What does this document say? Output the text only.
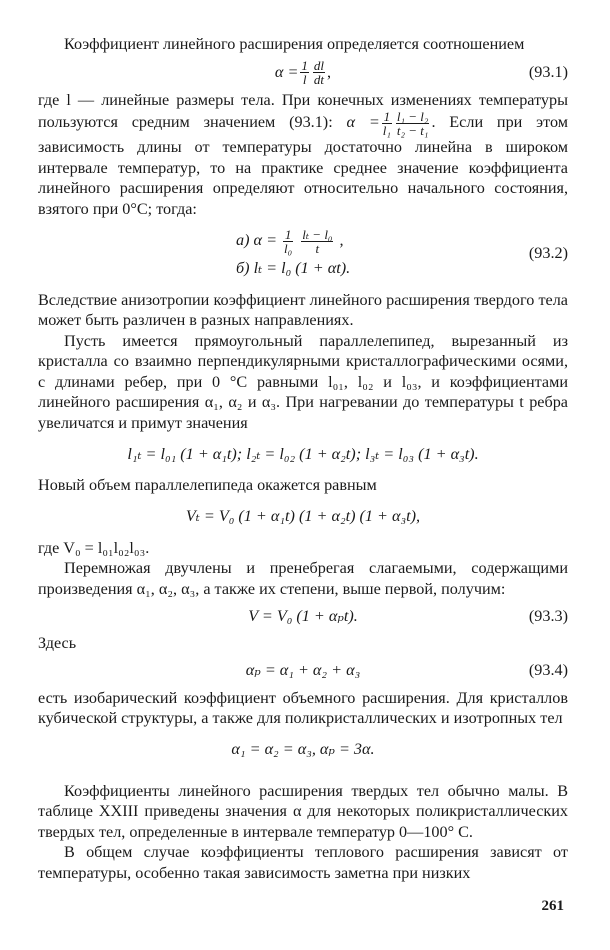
Коэффициент линейного расширения определяется соотношением

$\alpha = \frac{1}{l} \frac{dl}{dt}$ ,	(93.1)

где l — линейные размеры тела. При конечных изменениях температуры пользуются средним значением (93.1): $\alpha = \frac{1}{\text{l₁}} \frac{\text{l₁ − l₂}}{\text{t₂ − t₁}}$ . Если при этом зависимость длины от температуры достаточно линейна в широком интервале температур, то на практике среднее значение коэффициента линейного расширения определяют относительно начального состояния, взятого при 0°C; тогда:

а) $\alpha = \frac{1}{\text{l₀}}$
$\frac{\text{lₜ − l₀}}{t}$ ,
б) lₜ = l₀ (1 + αt).
(93.2)

Вследствие анизотропии коэффициент линейного расширения твердого тела может быть различен в разных направлениях.

Пусть имеется прямоугольный параллелепипед, вырезанный из кристалла со взаимно перпендикулярными кристаллографическими осями, с длинами ребер, при 0 °C равными l₀₁, l₀₂ и l₀₃, и коэффициентами линейного расширения α₁, α₂ и α₃. При нагревании до температуры t ребра увеличатся и примут значения

l₁ₜ = l₀₁ (1 + α₁t); l₂ₜ = l₀₂ (1 + α₂t); l₃ₜ = l₀₃ (1 + α₃t).

Новый объем параллелепипеда окажется равным

Vₜ = V₀ (1 + α₁t) (1 + α₂t) (1 + α₃t),

где V₀ = l₀₁l₀₂l₀₃.

Перемножая двучлены и пренебрегая слагаемыми, содержащими произведения α₁, α₂, α₃, а также их степени, выше первой, получим:

V = V₀ (1 + αₚt).	(93.3)

Здесь

αₚ = α₁ + α₂ + α₃	(93.4)

есть изобарический коэффициент объемного расширения. Для кристаллов кубической структуры, а также для поликристаллических и изотропных тел

α₁ = α₂ = α₃, αₚ = 3α.

Коэффициенты линейного расширения твердых тел обычно малы. В таблице XXIII приведены значения α для некоторых поликристаллических твердых тел, определенные в интервале температур 0—100° C.

В общем случае коэффициенты теплового расширения зависят от температуры, особенно такая зависимость заметна при низких

261
